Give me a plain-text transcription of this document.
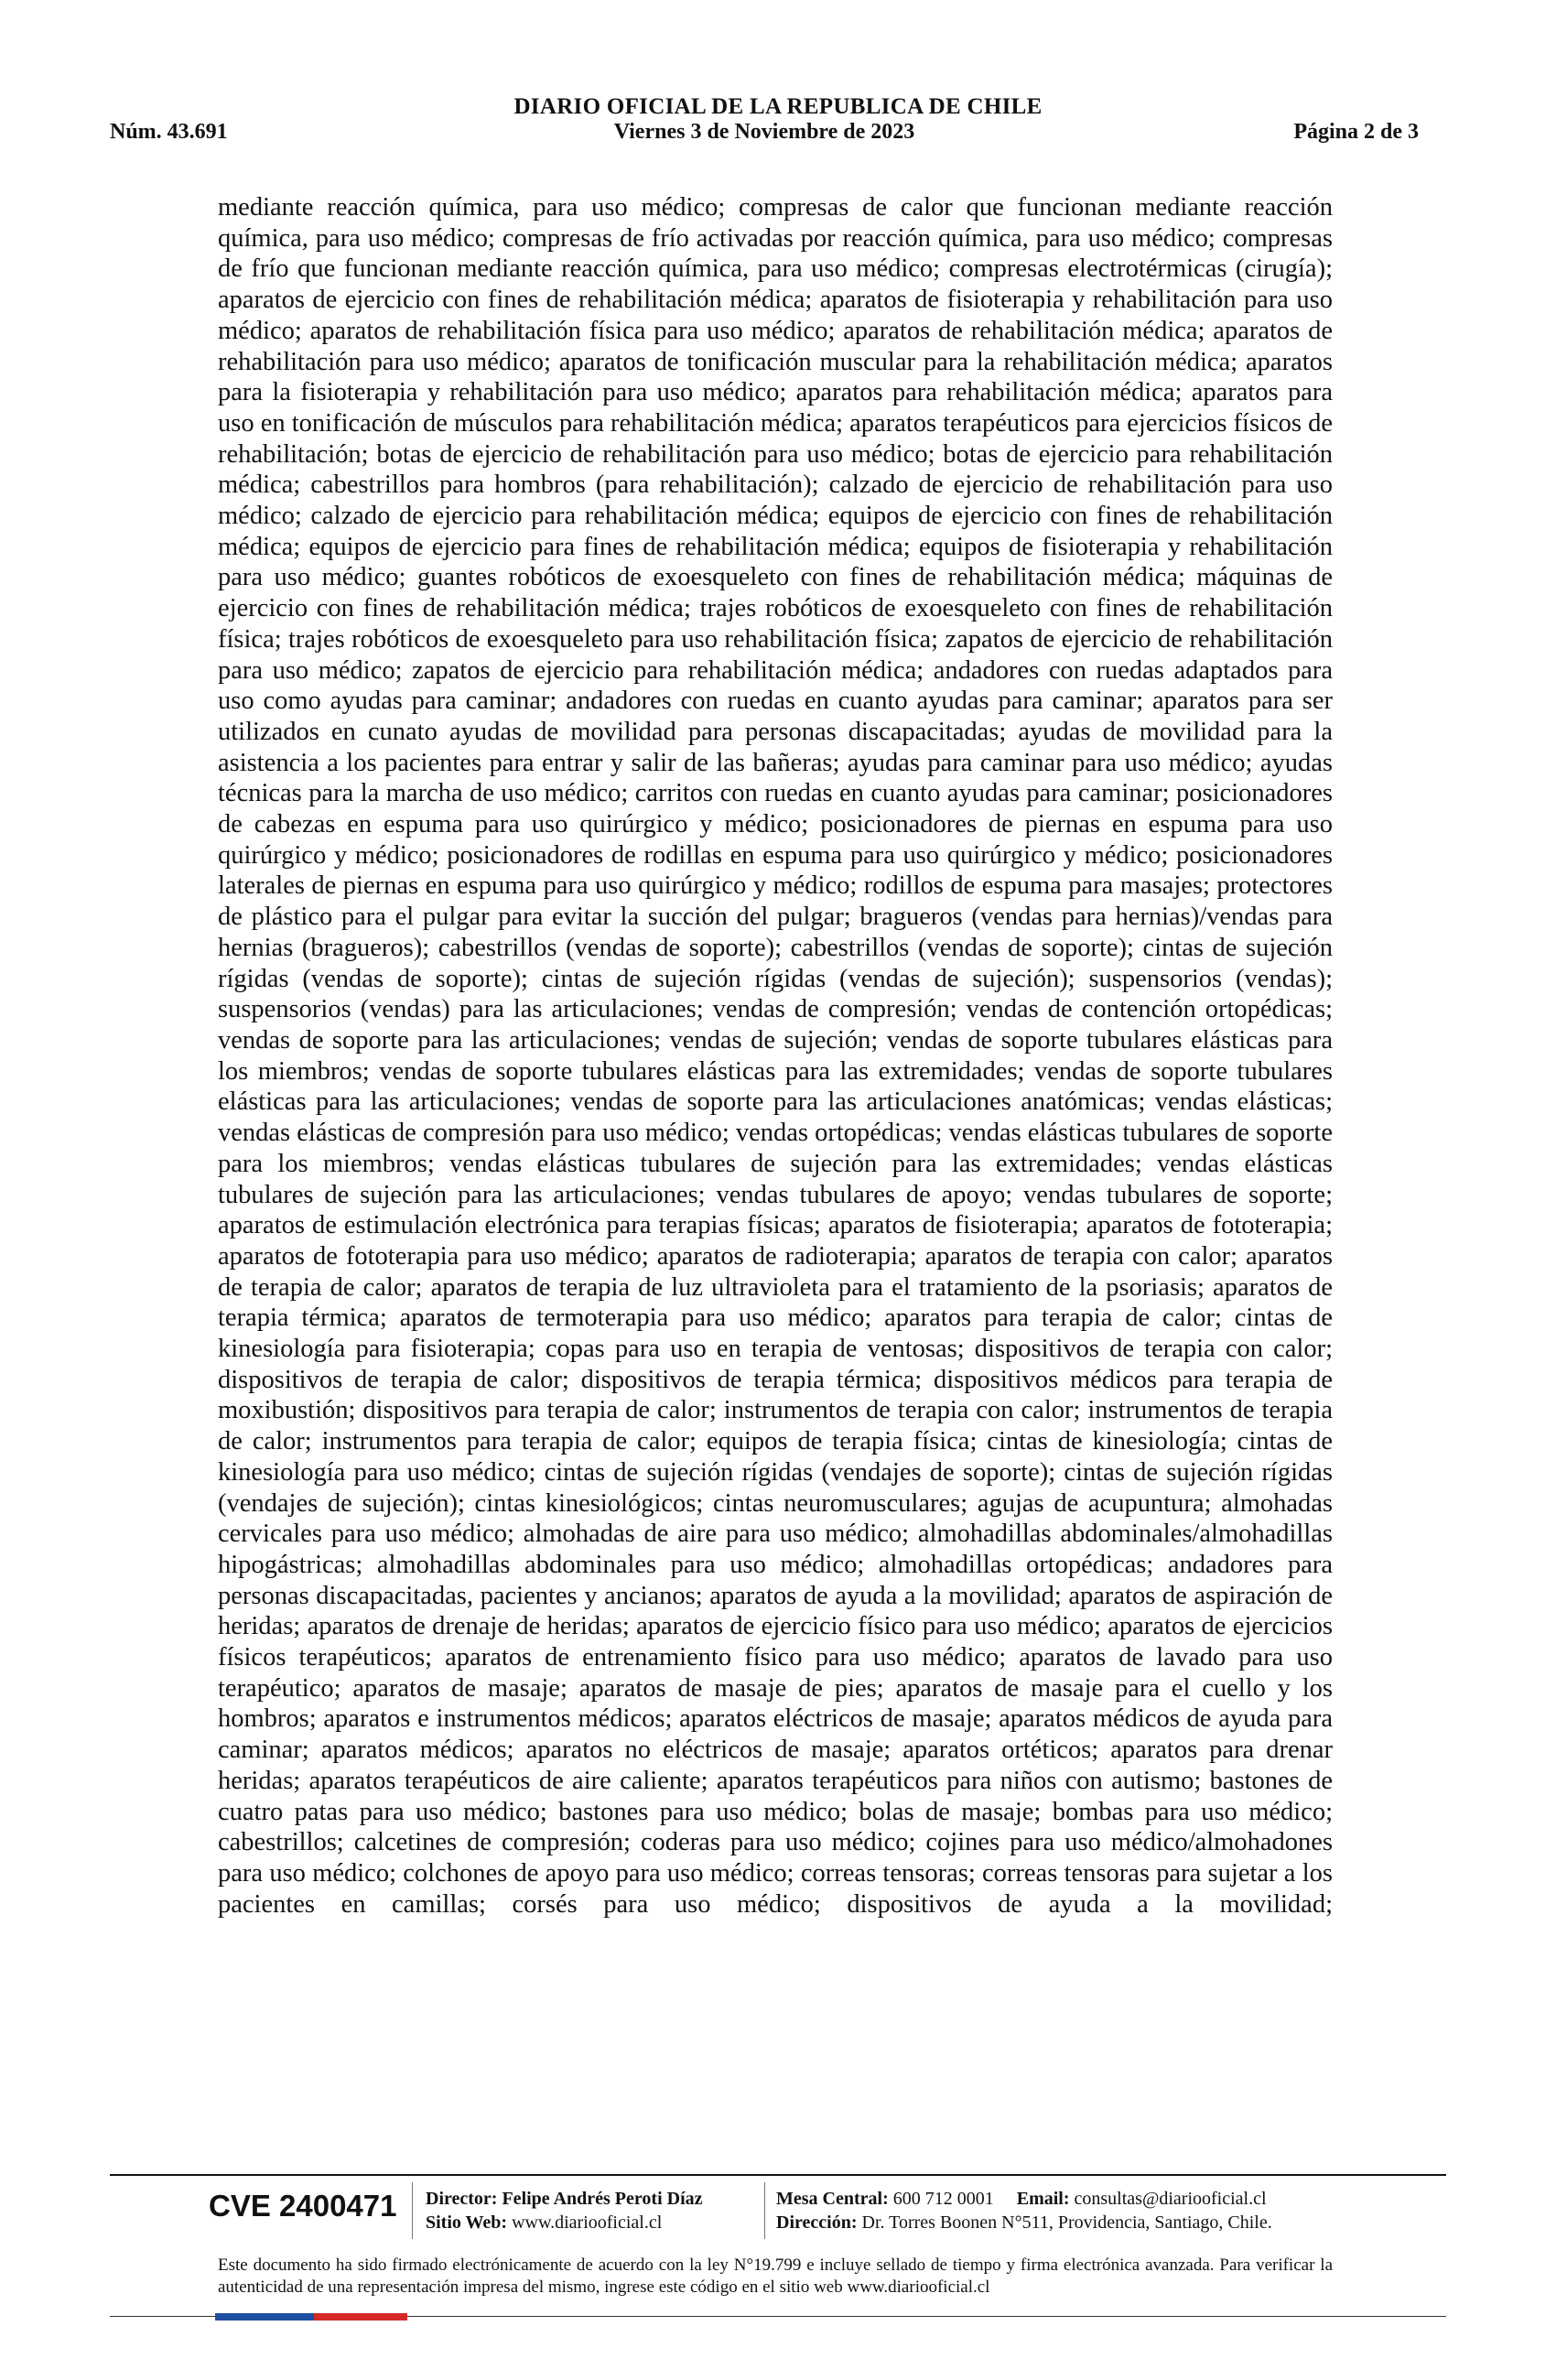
DIARIO OFICIAL DE LA REPUBLICA DE CHILE
Núm. 43.691	Viernes 3 de Noviembre de 2023	Página 2 de 3
mediante reacción química, para uso médico; compresas de calor que funcionan mediante reacción química, para uso médico; compresas de frío activadas por reacción química, para uso médico; compresas de frío que funcionan mediante reacción química, para uso médico; compresas electrotérmicas (cirugía); aparatos de ejercicio con fines de rehabilitación médica; aparatos de fisioterapia y rehabilitación para uso médico; aparatos de rehabilitación física para uso médico; aparatos de rehabilitación médica; aparatos de rehabilitación para uso médico; aparatos de tonificación muscular para la rehabilitación médica; aparatos para la fisioterapia y rehabilitación para uso médico; aparatos para rehabilitación médica; aparatos para uso en tonificación de músculos para rehabilitación médica; aparatos terapéuticos para ejercicios físicos de rehabilitación; botas de ejercicio de rehabilitación para uso médico; botas de ejercicio para rehabilitación médica; cabestrillos para hombros (para rehabilitación); calzado de ejercicio de rehabilitación para uso médico; calzado de ejercicio para rehabilitación médica; equipos de ejercicio con fines de rehabilitación médica; equipos de ejercicio para fines de rehabilitación médica; equipos de fisioterapia y rehabilitación para uso médico; guantes robóticos de exoesqueleto con fines de rehabilitación médica; máquinas de ejercicio con fines de rehabilitación médica; trajes robóticos de exoesqueleto con fines de rehabilitación física; trajes robóticos de exoesqueleto para uso rehabilitación física; zapatos de ejercicio de rehabilitación para uso médico; zapatos de ejercicio para rehabilitación médica; andadores con ruedas adaptados para uso como ayudas para caminar; andadores con ruedas en cuanto ayudas para caminar; aparatos para ser utilizados en cunato ayudas de movilidad para personas discapacitadas; ayudas de movilidad para la asistencia a los pacientes para entrar y salir de las bañeras; ayudas para caminar para uso médico; ayudas técnicas para la marcha de uso médico; carritos con ruedas en cuanto ayudas para caminar; posicionadores de cabezas en espuma para uso quirúrgico y médico; posicionadores de piernas en espuma para uso quirúrgico y médico; posicionadores de rodillas en espuma para uso quirúrgico y médico; posicionadores laterales de piernas en espuma para uso quirúrgico y médico; rodillos de espuma para masajes; protectores de plástico para el pulgar para evitar la succión del pulgar; bragueros (vendas para hernias)/vendas para hernias (bragueros); cabestrillos (vendas de soporte); cabestrillos (vendas de soporte); cintas de sujeción rígidas (vendas de soporte); cintas de sujeción rígidas (vendas de sujeción); suspensorios (vendas); suspensorios (vendas) para las articulaciones; vendas de compresión; vendas de contención ortopédicas; vendas de soporte para las articulaciones; vendas de sujeción; vendas de soporte tubulares elásticas para los miembros; vendas de soporte tubulares elásticas para las extremidades; vendas de soporte tubulares elásticas para las articulaciones; vendas de soporte para las articulaciones anatómicas; vendas elásticas; vendas elásticas de compresión para uso médico; vendas ortopédicas; vendas elásticas tubulares de soporte para los miembros; vendas elásticas tubulares de sujeción para las extremidades; vendas elásticas tubulares de sujeción para las articulaciones; vendas tubulares de apoyo; vendas tubulares de soporte; aparatos de estimulación electrónica para terapias físicas; aparatos de fisioterapia; aparatos de fototerapia; aparatos de fototerapia para uso médico; aparatos de radioterapia; aparatos de terapia con calor; aparatos de terapia de calor; aparatos de terapia de luz ultravioleta para el tratamiento de la psoriasis; aparatos de terapia térmica; aparatos de termoterapia para uso médico; aparatos para terapia de calor; cintas de kinesiología para fisioterapia; copas para uso en terapia de ventosas; dispositivos de terapia con calor; dispositivos de terapia de calor; dispositivos de terapia térmica; dispositivos médicos para terapia de moxibustión; dispositivos para terapia de calor; instrumentos de terapia con calor; instrumentos de terapia de calor; instrumentos para terapia de calor; equipos de terapia física; cintas de kinesiología; cintas de kinesiología para uso médico; cintas de sujeción rígidas (vendajes de soporte); cintas de sujeción rígidas (vendajes de sujeción); cintas kinesiológicos; cintas neuromusculares; agujas de acupuntura; almohadas cervicales para uso médico; almohadas de aire para uso médico; almohadillas abdominales/almohadillas hipogástricas; almohadillas abdominales para uso médico; almohadillas ortopédicas; andadores para personas discapacitadas, pacientes y ancianos; aparatos de ayuda a la movilidad; aparatos de aspiración de heridas; aparatos de drenaje de heridas; aparatos de ejercicio físico para uso médico; aparatos de ejercicios físicos terapéuticos; aparatos de entrenamiento físico para uso médico; aparatos de lavado para uso terapéutico; aparatos de masaje; aparatos de masaje de pies; aparatos de masaje para el cuello y los hombros; aparatos e instrumentos médicos; aparatos eléctricos de masaje; aparatos médicos de ayuda para caminar; aparatos médicos; aparatos no eléctricos de masaje; aparatos ortéticos; aparatos para drenar heridas; aparatos terapéuticos de aire caliente; aparatos terapéuticos para niños con autismo; bastones de cuatro patas para uso médico; bastones para uso médico; bolas de masaje; bombas para uso médico; cabestrillos; calcetines de compresión; coderas para uso médico; cojines para uso médico/almohadones para uso médico; colchones de apoyo para uso médico; correas tensoras; correas tensoras para sujetar a los pacientes en camillas; corsés para uso médico; dispositivos de ayuda a la movilidad;
CVE 2400471 Director: Felipe Andrés Peroti Díaz
Sitio Web: www.diariooficial.cl
Mesa Central: 600 712 0001 Email: consultas@diariooficial.cl
Dirección: Dr. Torres Boonen N°511, Providencia, Santiago, Chile.
Este documento ha sido firmado electrónicamente de acuerdo con la ley N°19.799 e incluye sellado de tiempo y firma electrónica avanzada. Para verificar la autenticidad de una representación impresa del mismo, ingrese este código en el sitio web www.diariooficial.cl
